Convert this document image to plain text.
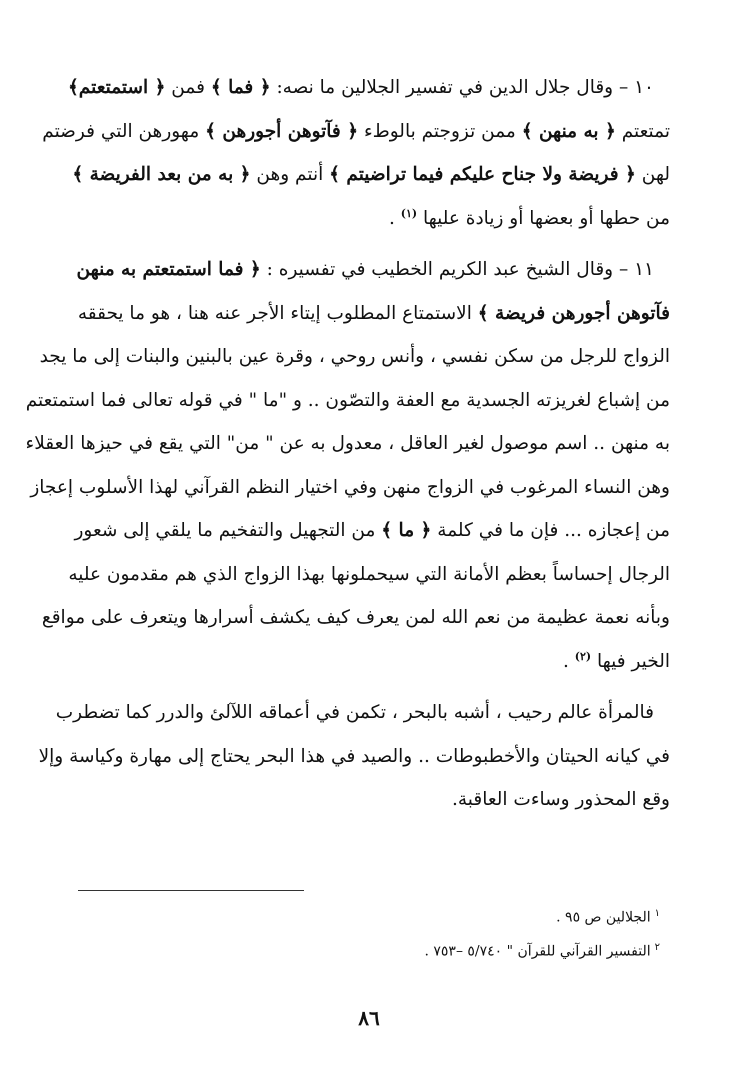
١٠ – وقال جلال الدين في تفسير الجلالين ما نصه: ﴿ فما ﴾ فمن ﴿ استمتعتم﴾
تمتعتم ﴿ به منهن ﴾ ممن تزوجتم بالوطء ﴿ فآتوهن أجورهن ﴾ مهورهن التي فرضتم
لهن ﴿ فريضة ولا جناح عليكم فيما تراضيتم ﴾ أنتم وهن ﴿ به من بعد الفريضة ﴾
من حطها أو بعضها أو زيادة عليها $^{(١)}$ .
١١ – وقال الشيخ عبد الكريم الخطيب في تفسيره : ﴿ فما استمتعتم به منهن
فآتوهن أجورهن فريضة ﴾ الاستمتاع المطلوب إيتاء الأجر عنه هنا ، هو ما يحققه
الزواج للرجل من سكن نفسي ، وأنس روحي ، وقرة عين بالبنين والبنات إلى ما يجد
من إشباع لغريزته الجسدية مع العفة والتصّون .. و "ما " في قوله تعالى فما استمتعتم
به منهن .. اسم موصول لغير العاقل ، معدول به عن " من" التي يقع في حيزها العقلاء
وهن النساء المرغوب في الزواج منهن وفي اختيار النظم القرآني لهذا الأسلوب إعجاز
من إعجازه ... فإن ما في كلمة ﴿ ما ﴾ من التجهيل والتفخيم ما يلقي إلى شعور
الرجال إحساساً بعظم الأمانة التي سيحملونها بهذا الزواج الذي هم مقدمون عليه
وبأنه نعمة عظيمة من نعم الله لمن يعرف كيف يكشف أسرارها ويتعرف على مواقع
الخير فيها $^{(٢)}$ .
فالمرأة عالم رحيب ، أشبه بالبحر ، تكمن في أعماقه اللآلئ والدرر كما تضطرب
في كيانه الحيتان والأخطبوطات .. والصيد في هذا البحر يحتاج إلى مهارة وكياسة وإلا
وقع المحذور وساءت العاقبة.
$^١$الجلالين ص ٩٥ .
$^٢$التفسير القرآني للقرآن " ٥/٧٤٠ –٧٥٣ .
٨٦
